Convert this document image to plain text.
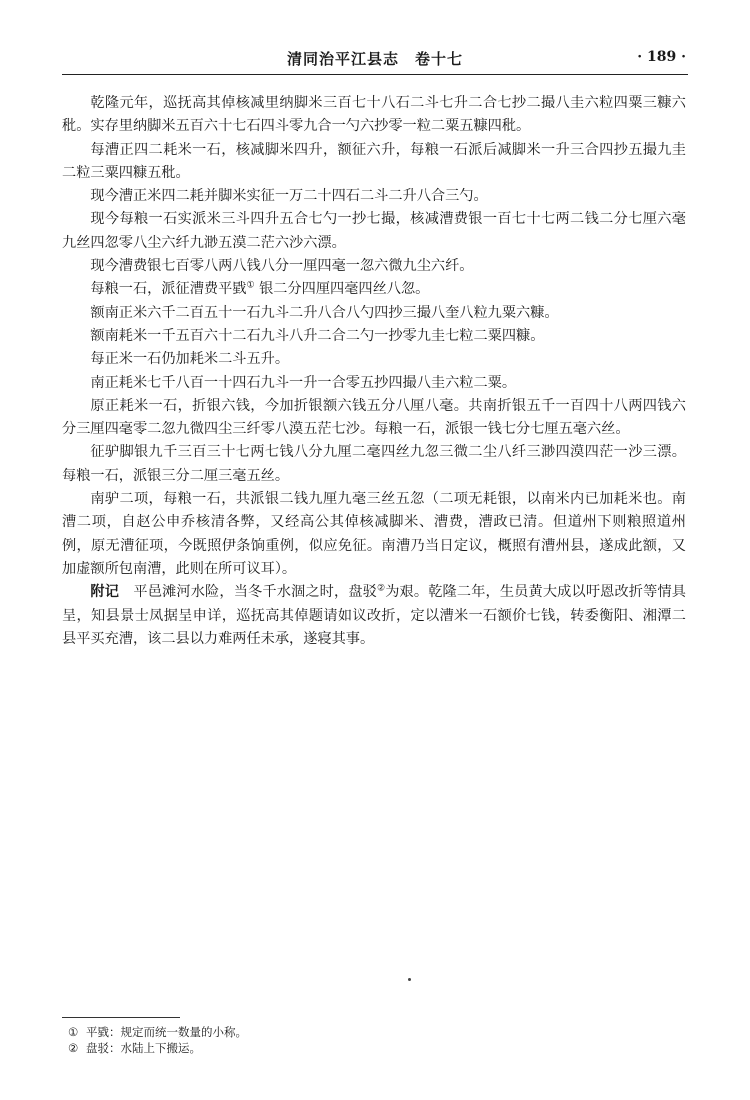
清同治平江县志　卷十七	· 189 ·

乾隆元年，巡抚高其倬核减里纳脚米三百七十八石二斗七升二合七抄二撮八圭六粒四粟三糠六秕。实存里纳脚米五百六十七石四斗零九合一勺六抄零一粒二粟五糠四秕。

每漕正四二耗米一石，核减脚米四升，额征六升，每粮一石派后减脚米一升三合四抄五撮九圭二粒三粟四糠五秕。

现今漕正米四二耗并脚米实征一万二十四石二斗二升八合三勺。

现今每粮一石实派米三斗四升五合七勺一抄七撮，核减漕费银一百七十七两二钱二分七厘六毫九丝四忽零八尘六纤九渺五漠二茫六沙六漂。

现今漕费银七百零八两八钱八分一厘四毫一忽六微九尘六纤。

每粮一石，派征漕费平戥① 银二分四厘四毫四丝八忽。

额南正米六千二百五十一石九斗二升八合八勺四抄三撮八奎八粒九粟六糠。

额南耗米一千五百六十二石九斗八升二合二勺一抄零九圭七粒二粟四糠。

每正米一石仍加耗米二斗五升。

南正耗米七千八百一十四石九斗一升一合零五抄四撮八圭六粒二粟。

原正耗米一石，折银六钱，今加折银额六钱五分八厘八毫。共南折银五千一百四十八两四钱六分三厘四毫零二忽九微四尘三纤零八漠五茫七沙。每粮一石，派银一钱七分七厘五毫六丝。

征驴脚银九千三百三十七两七钱八分九厘二毫四丝九忽三微二尘八纤三渺四漠四茫一沙三漂。每粮一石，派银三分二厘三毫五丝。

南驴二项，每粮一石，共派银二钱九厘九毫三丝五忽（二项无耗银，以南米内已加耗米也。南漕二项，自赵公申乔核清各弊，又经高公其倬核减脚米、漕费，漕政已清。但道州下则粮照道州例，原无漕征项，今既照伊条饷重例，似应免征。南漕乃当日定议，概照有漕州县，遂成此额，又加虚额所包南漕，此则在所可议耳）。

附记　 平邑滩河水险，当冬千水涸之时，盘驳②为艰。乾隆二年，生员黄大成以吁恩改折等情具呈，知县景士凤据呈申详，巡抚高其倬题请如议改折，定以漕米一石额价七钱，转委衡阳、湘潭二县平买充漕，该二县以力难两任未承，遂寝其事。

① 平戥：规定而统一数量的小称。
② 盘驳：水陆上下搬运。
